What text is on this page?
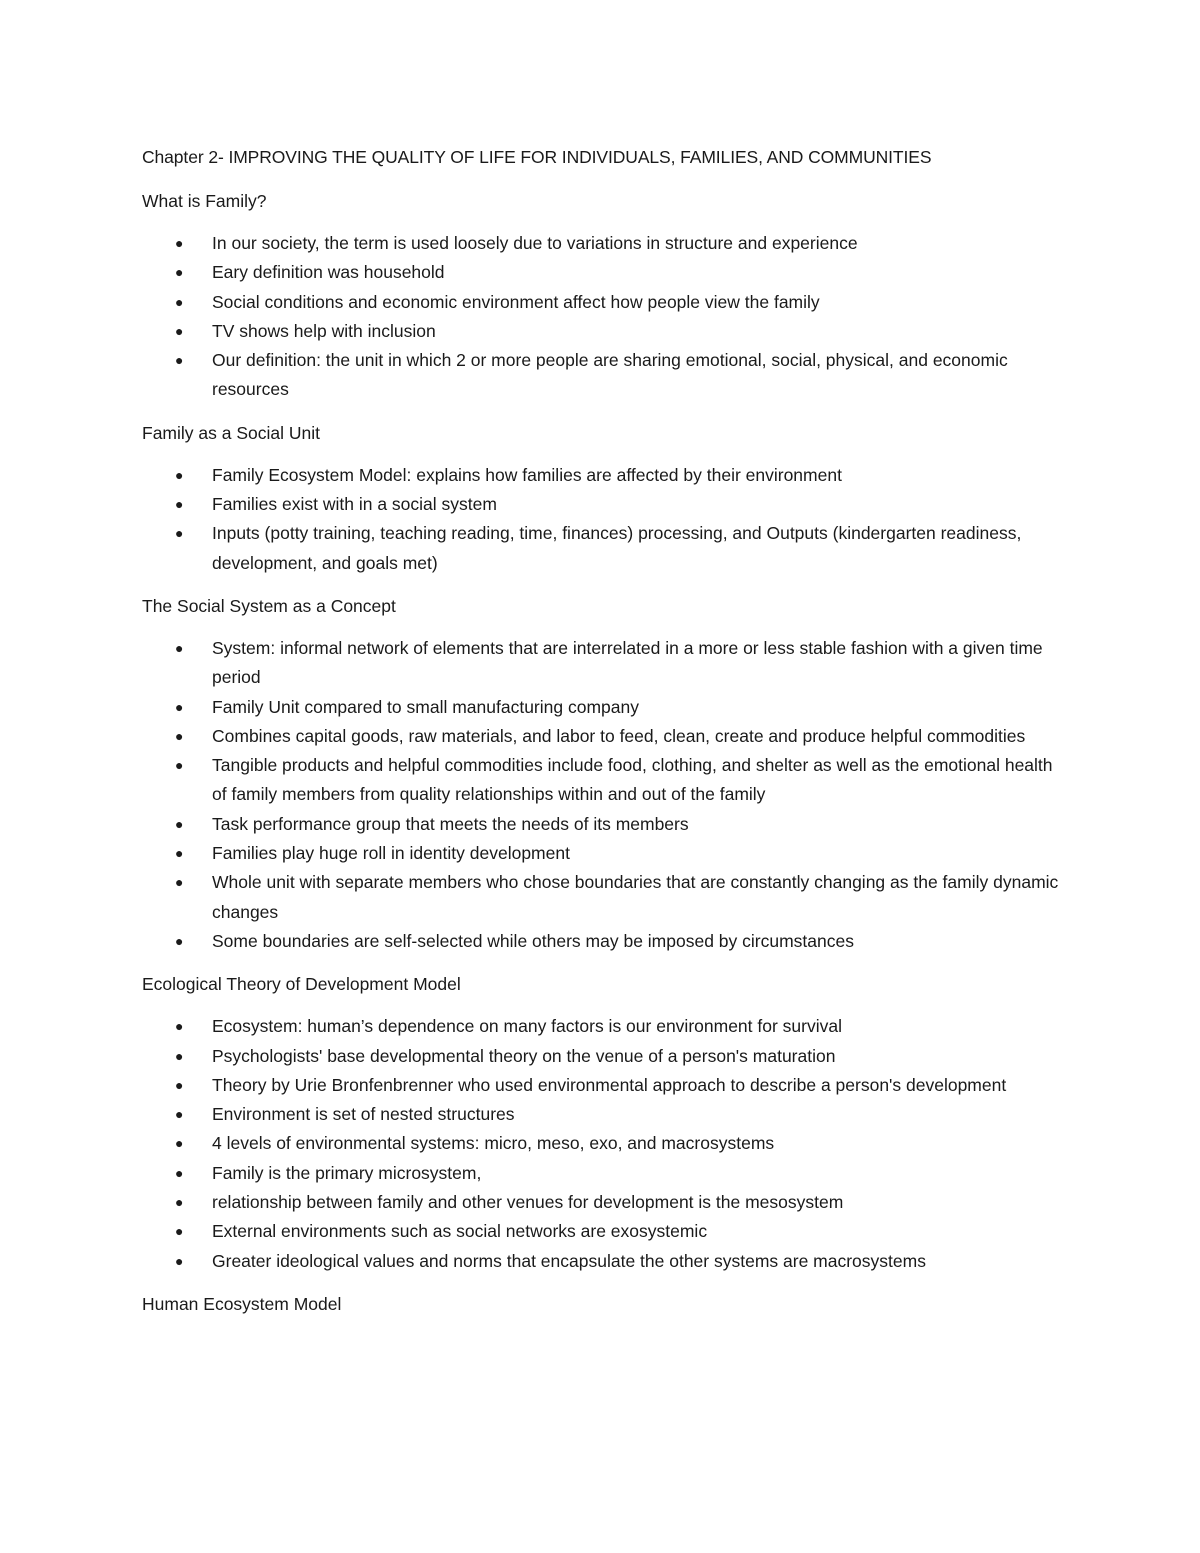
Chapter 2- IMPROVING THE QUALITY OF LIFE FOR INDIVIDUALS, FAMILIES, AND COMMUNITIES
What is Family?
● In our society, the term is used loosely due to variations in structure and experience
● Eary definition was household
● Social conditions and economic environment affect how people view the family
● TV shows help with inclusion
● Our definition: the unit in which 2 or more people are sharing emotional, social, physical, and economic resources
Family as a Social Unit
● Family Ecosystem Model: explains how families are affected by their environment
● Families exist with in a social system
● Inputs (potty training, teaching reading, time, finances) processing, and Outputs (kindergarten readiness, development, and goals met)
The Social System as a Concept
● System: informal network of elements that are interrelated in a more or less stable fashion with a given time period
● Family Unit compared to small manufacturing company
● Combines capital goods, raw materials, and labor to feed, clean, create and produce helpful commodities
● Tangible products and helpful commodities include food, clothing, and shelter as well as the emotional health of family members from quality relationships within and out of the family
● Task performance group that meets the needs of its members
● Families play huge roll in identity development
● Whole unit with separate members who chose boundaries that are constantly changing as the family dynamic changes
● Some boundaries are self-selected while others may be imposed by circumstances
Ecological Theory of Development Model
● Ecosystem: human’s dependence on many factors is our environment for survival
● Psychologists' base developmental theory on the venue of a person's maturation
● Theory by Urie Bronfenbrenner who used environmental approach to describe a person's development
● Environment is set of nested structures
● 4 levels of environmental systems: micro, meso, exo, and macrosystems
● Family is the primary microsystem,
● relationship between family and other venues for development is the mesosystem
● External environments such as social networks are exosystemic
● Greater ideological values and norms that encapsulate the other systems are macrosystems
Human Ecosystem Model
